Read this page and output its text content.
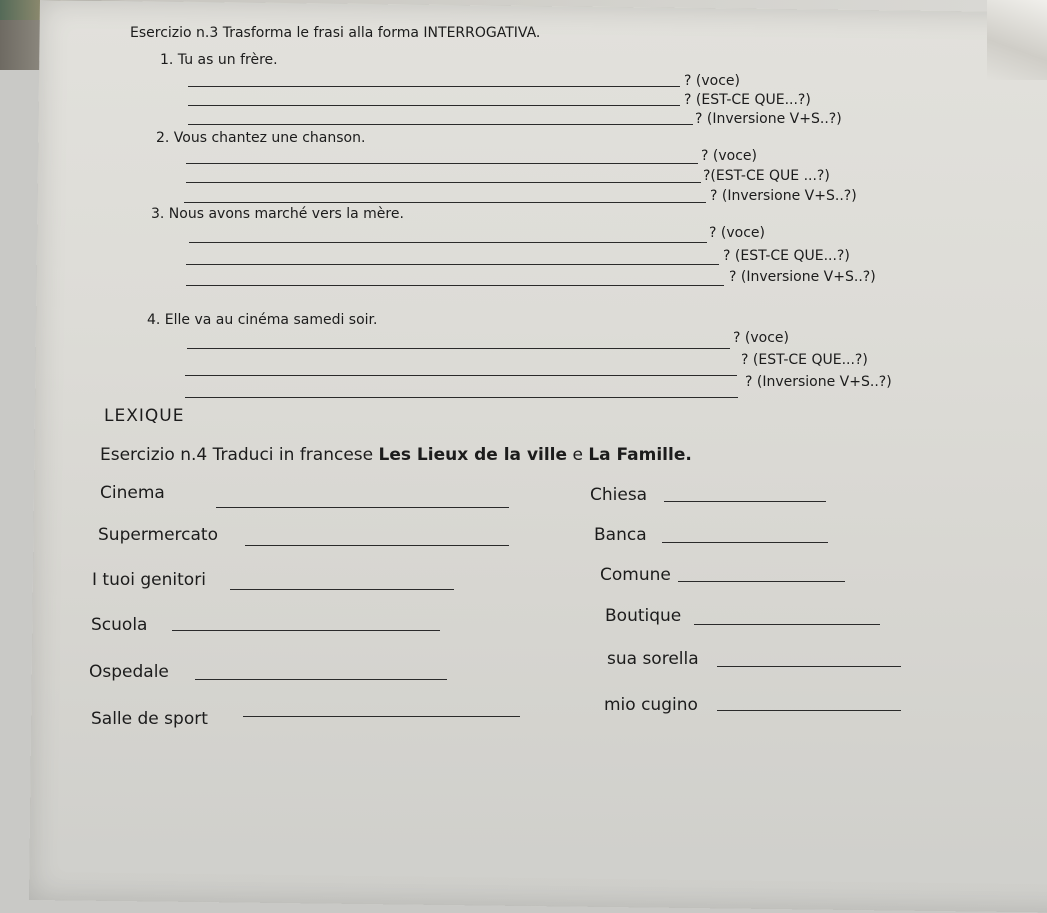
Esercizio n.3 Trasforma le frasi alla forma INTERROGATIVA.
1. Tu as un frère.
? (voce)
? (EST-CE QUE...?)
? (Inversione V+S..?)
2. Vous chantez une chanson.
? (voce)
?(EST-CE QUE ...?)
? (Inversione V+S..?)
3. Nous avons marché vers la mère.
? (voce)
? (EST-CE QUE...?)
? (Inversione V+S..?)
4. Elle va au cinéma samedi soir.
? (voce)
? (EST-CE QUE...?)
? (Inversione V+S..?)
LEXIQUE
Esercizio n.4 Traduci in francese Les Lieux de la ville e La Famille.
Cinema
Supermercato
I tuoi genitori
Scuola
Ospedale
Salle de sport
Chiesa
Banca
Comune
Boutique
sua sorella
mio cugino
